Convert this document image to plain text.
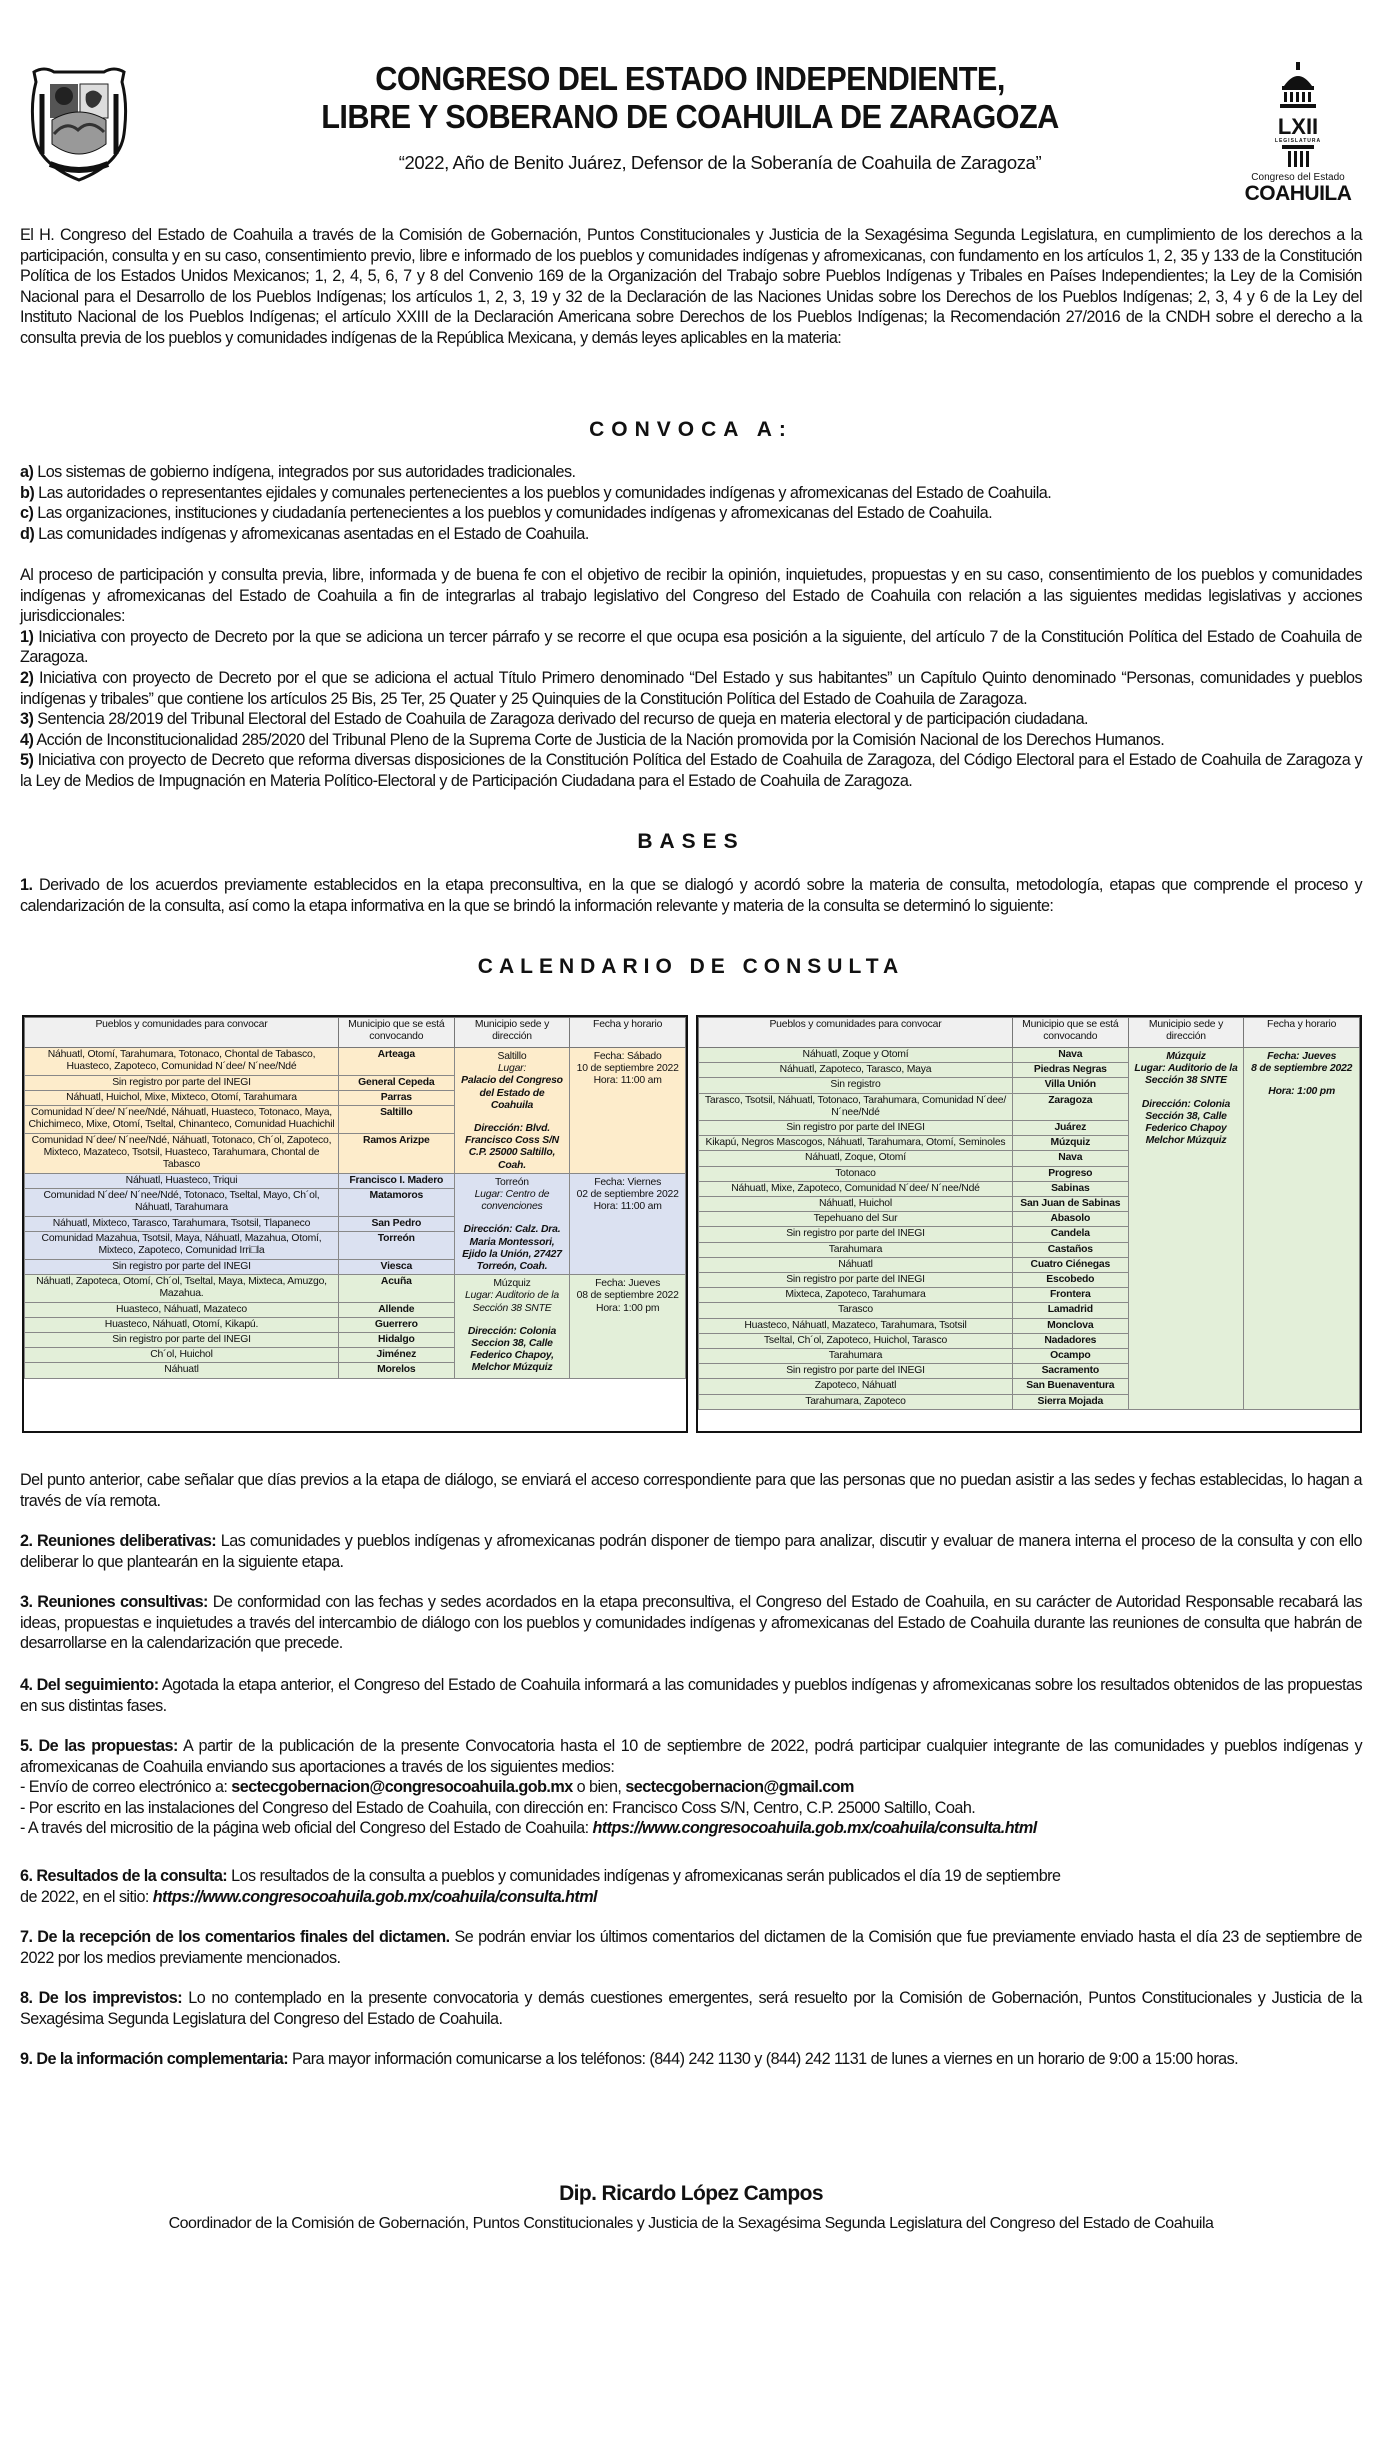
CONGRESO DEL ESTADO INDEPENDIENTE,
LIBRE Y SOBERANO DE COAHUILA DE ZARAGOZA
“2022, Año de Benito Juárez, Defensor de la Soberanía de Coahuila de Zaragoza”
LXII
LEGISLATURA
Congreso del Estado
COAHUILA
El H. Congreso del Estado de Coahuila a través de la Comisión de Gobernación, Puntos Constitucionales y Justicia de la Sexagésima Segunda Legislatura, en cumplimiento de los derechos a la participación, consulta y en su caso, consentimiento previo, libre e informado de los pueblos y comunidades indígenas y afromexicanas, con fundamento en los artículos 1, 2, 35 y 133 de la Constitución Política de los Estados Unidos Mexicanos; 1, 2, 4, 5, 6, 7 y 8 del Convenio 169 de la Organización del Trabajo sobre Pueblos Indígenas y Tribales en Países Independientes; la Ley de la Comisión Nacional para el Desarrollo de los Pueblos Indígenas; los artículos 1, 2, 3, 19 y 32 de la Declaración de las Naciones Unidas sobre los Derechos de los Pueblos Indígenas; 2, 3, 4 y 6 de la Ley del Instituto Nacional de los Pueblos Indígenas; el artículo XXIII de la Declaración Americana sobre Derechos de los Pueblos Indígenas; la Recomendación 27/2016 de la CNDH sobre el derecho a la consulta previa de los pueblos y comunidades indígenas de la República Mexicana, y demás leyes aplicables en la materia:
CONVOCA A:
a) Los sistemas de gobierno indígena, integrados por sus autoridades tradicionales.
b) Las autoridades o representantes ejidales y comunales pertenecientes a los pueblos y comunidades indígenas y afromexicanas del Estado de Coahuila.
c) Las organizaciones, instituciones y ciudadanía pertenecientes a los pueblos y comunidades indígenas y afromexicanas del Estado de Coahuila.
d) Las comunidades indígenas y afromexicanas asentadas en el Estado de Coahuila.
Al proceso de participación y consulta previa, libre, informada y de buena fe con el objetivo de recibir la opinión, inquietudes, propuestas y en su caso, consentimiento de los pueblos y comunidades indígenas y afromexicanas del Estado de Coahuila a fin de integrarlas al trabajo legislativo del Congreso del Estado de Coahuila con relación a las siguientes medidas legislativas y acciones jurisdiccionales:
1) Iniciativa con proyecto de Decreto por la que se adiciona un tercer párrafo y se recorre el que ocupa esa posición a la siguiente, del artículo 7 de la Constitución Política del Estado de Coahuila de Zaragoza.
2) Iniciativa con proyecto de Decreto por el que se adiciona el actual Título Primero denominado “Del Estado y sus habitantes” un Capítulo Quinto denominado “Personas, comunidades y pueblos indígenas y tribales” que contiene los artículos 25 Bis, 25 Ter, 25 Quater y 25 Quinquies de la Constitución Política del Estado de Coahuila de Zaragoza.
3) Sentencia 28/2019 del Tribunal Electoral del Estado de Coahuila de Zaragoza derivado del recurso de queja en materia electoral y de participación ciudadana.
4) Acción de Inconstitucionalidad 285/2020 del Tribunal Pleno de la Suprema Corte de Justicia de la Nación promovida por la Comisión Nacional de los Derechos Humanos.
5) Iniciativa con proyecto de Decreto que reforma diversas disposiciones de la Constitución Política del Estado de Coahuila de Zaragoza, del Código Electoral para el Estado de Coahuila de Zaragoza y la Ley de Medios de Impugnación en Materia Político-Electoral y de Participación Ciudadana para el Estado de Coahuila de Zaragoza.
BASES
1. Derivado de los acuerdos previamente establecidos en la etapa preconsultiva, en la que se dialogó y acordó sobre la materia de consulta, metodología, etapas que comprende el proceso y calendarización de la consulta, así como la etapa informativa en la que se brindó la información relevante y materia de la consulta se determinó lo siguiente:
CALENDARIO DE CONSULTA
Pueblos y comunidades para convocar	Municipio que se está convocando	Municipio sede y dirección	Fecha y horario
Náhuatl, Otomí, Tarahumara, Totonaco, Chontal de Tabasco, Huasteco, Zapoteco, Comunidad N´dee/ N´nee/Ndé	Arteaga	Saltillo
Lugar:
Palacio del Congreso del Estado de Coahuila
Dirección: Blvd. Francisco Coss S/N C.P. 25000 Saltillo, Coah.	Fecha: Sábado
10 de septiembre 2022
Hora: 11:00 am

Sin registro por parte del INEGI	General Cepeda		
Náhuatl, Huichol, Mixe, Mixteco, Otomí, Tarahumara	Parras		
Comunidad N´dee/ N´nee/Ndé, Náhuatl, Huasteco, Totonaco, Maya, Chichimeco, Mixe, Otomí, Tseltal, Chinanteco, Comunidad Huachichil	Saltillo		
Comunidad N´dee/ N´nee/Ndé, Náhuatl, Totonaco, Ch´ol, Zapoteco, Mixteco, Mazateco, Tsotsil, Huasteco, Tarahumara, Chontal de Tabasco	Ramos Arizpe		
Náhuatl, Huasteco, Triqui	Francisco I. Madero	Torreón
Lugar: Centro de convenciones
Dirección: Calz. Dra. Maria Montessori, Ejido la Unión, 27427 Torreón, Coah.	Fecha: Viernes
02 de septiembre 2022
Hora: 11:00 am

Comunidad N´dee/ N´nee/Ndé, Totonaco, Tseltal, Mayo, Ch´ol, Náhuatl, Tarahumara	Matamoros		
Náhuatl, Mixteco, Tarasco, Tarahumara, Tsotsil, Tlapaneco	San Pedro		
Comunidad Mazahua, Tsotsil, Maya, Náhuatl, Mazahua, Otomí, Mixteco, Zapoteco, Comunidad Irri□la	Torreón		
Sin registro por parte del INEGI	Viesca		
Náhuatl, Zapoteca, Otomí, Ch´ol, Tseltal, Maya, Mixteca, Amuzgo, Mazahua.	Acuña	Múzquiz
Lugar: Auditorio de la Sección 38 SNTE
Dirección: Colonia Seccion 38, Calle Federico Chapoy, Melchor Múzquiz	Fecha: Jueves
08 de septiembre 2022
Hora: 1:00 pm

Huasteco, Náhuatl, Mazateco	Allende		
Huasteco, Náhuatl, Otomí, Kikapú.	Guerrero		
Sin registro por parte del INEGI	Hidalgo		
Ch´ol, Huichol	Jiménez		
Náhuatl	Morelos		
Pueblos y comunidades para convocar	Municipio que se está convocando	Municipio sede y dirección	Fecha y horario
Náhuatl, Zoque y Otomí	Nava	Múzquiz
Lugar: Auditorio de la Sección 38 SNTE
Dirección: Colonia Sección 38, Calle Federico Chapoy Melchor Múzquiz	Fecha: Jueves
8 de septiembre 2022
Hora: 1:00 pm

Náhuatl, Zapoteco, Tarasco, Maya	Piedras Negras		
Sin registro	Villa Unión		
Tarasco, Tsotsil, Náhuatl, Totonaco, Tarahumara, Comunidad N´dee/ N´nee/Ndé	Zaragoza		
Sin registro por parte del INEGI	Juárez		
Kikapú, Negros Mascogos, Náhuatl, Tarahumara, Otomí, Seminoles	Múzquiz		
Náhuatl, Zoque, Otomí	Nava		
Totonaco	Progreso		
Náhuatl, Mixe, Zapoteco, Comunidad N´dee/ N´nee/Ndé	Sabinas		
Náhuatl, Huichol	San Juan de Sabinas		
Tepehuano del Sur	Abasolo		
Sin registro por parte del INEGI	Candela		
Tarahumara	Castaños		
Náhuatl	Cuatro Ciénegas		
Sin registro por parte del INEGI	Escobedo		
Mixteca, Zapoteco, Tarahumara	Frontera		
Tarasco	Lamadrid		
Huasteco, Náhuatl, Mazateco, Tarahumara, Tsotsil	Monclova		
Tseltal, Ch´ol, Zapoteco, Huichol, Tarasco	Nadadores		
Tarahumara	Ocampo		
Sin registro por parte del INEGI	Sacramento		
Zapoteco, Náhuatl	San Buenaventura		
Tarahumara, Zapoteco	Sierra Mojada		
Del punto anterior, cabe señalar que días previos a la etapa de diálogo, se enviará el acceso correspondiente para que las personas que no puedan asistir a las sedes y fechas establecidas, lo hagan a través de vía remota.
2. Reuniones deliberativas: Las comunidades y pueblos indígenas y afromexicanas podrán disponer de tiempo para analizar, discutir y evaluar de manera interna el proceso de la consulta y con ello deliberar lo que plantearán en la siguiente etapa.
3. Reuniones consultivas: De conformidad con las fechas y sedes acordados en la etapa preconsultiva, el Congreso del Estado de Coahuila, en su carácter de Autoridad Responsable recabará las ideas, propuestas e inquietudes a través del intercambio de diálogo con los pueblos y comunidades indígenas y afromexicanas del Estado de Coahuila durante las reuniones de consulta que habrán de desarrollarse en la calendarización que precede.
4. Del seguimiento: Agotada la etapa anterior, el Congreso del Estado de Coahuila informará a las comunidades y pueblos indígenas y afromexicanas sobre los resultados obtenidos de las propuestas en sus distintas fases.
5. De las propuestas: A partir de la publicación de la presente Convocatoria hasta el 10 de septiembre de 2022, podrá participar cualquier integrante de las comunidades y pueblos indígenas y afromexicanas de Coahuila enviando sus aportaciones a través de los siguientes medios:
- Envío de correo electrónico a: sectecgobernacion@congresocoahuila.gob.mx o bien, sectecgobernacion@gmail.com
- Por escrito en las instalaciones del Congreso del Estado de Coahuila, con dirección en: Francisco Coss S/N, Centro, C.P. 25000 Saltillo, Coah.
- A través del micrositio de la página web oficial del Congreso del Estado de Coahuila: https://www.congresocoahuila.gob.mx/coahuila/consulta.html
6. Resultados de la consulta: Los resultados de la consulta a pueblos y comunidades indígenas y afromexicanas serán publicados el día 19 de septiembre
de 2022, en el sitio: https://www.congresocoahuila.gob.mx/coahuila/consulta.html
7. De la recepción de los comentarios finales del dictamen. Se podrán enviar los últimos comentarios del dictamen de la Comisión que fue previamente enviado hasta el día 23 de septiembre de 2022 por los medios previamente mencionados.
8. De los imprevistos: Lo no contemplado en la presente convocatoria y demás cuestiones emergentes, será resuelto por la Comisión de Gobernación, Puntos Constitucionales y Justicia de la Sexagésima Segunda Legislatura del Congreso del Estado de Coahuila.
9. De la información complementaria: Para mayor información comunicarse a los teléfonos: (844) 242 1130 y (844) 242 1131 de lunes a viernes en un horario de 9:00 a 15:00 horas.
Dip. Ricardo López Campos
Coordinador de la Comisión de Gobernación, Puntos Constitucionales y Justicia de la Sexagésima Segunda Legislatura del Congreso del Estado de Coahuila
